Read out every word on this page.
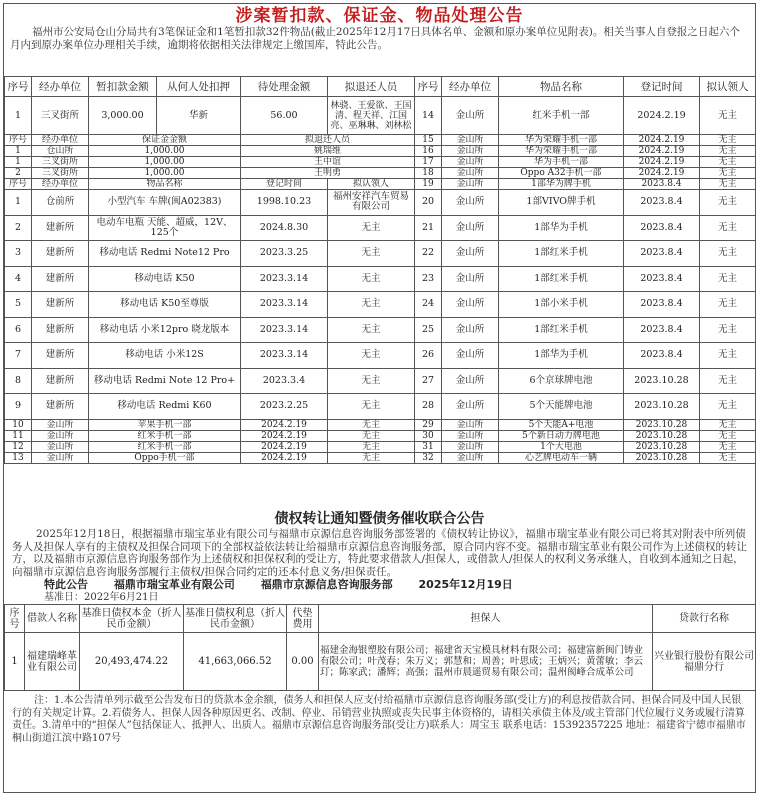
涉案暂扣款、保证金、物品处理公告
福州市公安局仓山分局共有3笔保证金和1笔暂扣款32件物品(截止2025年12月17日具体名单、金额和原办案单位见附表)。相关当事人自登报之日起六个月内到原办案单位办理相关手续，逾期将依据相关法律规定上缴国库，特此公告。
序号	经办单位	暂扣款金额	从何人处扣押	待处理金额	拟退还人员	序号	经办单位	物品名称	登记时间	拟认领人
1	三叉街所	3,000.00	华新	56.00	林骁、王爱欲、王国清、程天祥、江国亮、巫琳琳、刘林松	14	金山所	红米手机一部	2024.2.19	无主
序号	经办单位	保证金金额		拟退还人员		15	金山所	华为荣耀手机一部	2024.2.19	无主
1	仓山所	1,000.00		姚瑞维		16	金山所	华为荣耀手机一部	2024.2.19	无主
1	三叉街所	1,000.00		王中谊		17	金山所	华为手机一部	2024.2.19	无主
2	三叉街所	1,000.00		王明勇		18	金山所	Oppo A32手机一部	2024.2.19	无主
序号	经办单位	物品名称		登记时间	拟认领人	19	金山所	1部华为牌手机	2023.8.4	无主
1	仓前所	小型汽车 车牌(闽A02383)		1998.10.23	福州安祥汽车贸易有限公司	20	金山所	1部VIVO牌手机	2023.8.4	无主
2	建新所	电动车电瓶 天能、超威，12V、125个		2024.8.30	无主	21	金山所	1部华为手机	2023.8.4	无主
3	建新所	移动电话 Redmi Note12 Pro		2023.3.25	无主	22	金山所	1部红米手机	2023.8.4	无主
4	建新所	移动电话 K50		2023.3.14	无主	23	金山所	1部红米手机	2023.8.4	无主
5	建新所	移动电话 K50至尊版		2023.3.14	无主	24	金山所	1部小米手机	2023.8.4	无主
6	建新所	移动电话 小米12pro 晓龙版本		2023.3.14	无主	25	金山所	1部红米手机	2023.8.4	无主
7	建新所	移动电话 小米12S		2023.3.14	无主	26	金山所	1部华为手机	2023.8.4	无主
8	建新所	移动电话 Redmi Note 12 Pro+		2023.3.4	无主	27	金山所	6个京球牌电池	2023.10.28	无主
9	建新所	移动电话 Redmi K60		2023.2.25	无主	28	金山所	5个天能牌电池	2023.10.28	无主
10	金山所	苹果手机一部		2024.2.19	无主	29	金山所	5个天能A+电池	2023.10.28	无主
11	金山所	红米手机一部		2024.2.19	无主	30	金山所	5个新日动力牌电池	2023.10.28	无主
12	金山所	红米手机一部		2024.2.19	无主	31	金山所	1个大电池	2023.10.28	无主
13	金山所	Oppo手机一部		2024.2.19	无主	32	金山所	心艺牌电动车一辆	2023.10.28	无主
债权转让通知暨债务催收联合公告
2025年12月18日，根据福鼎市瑞宝革业有限公司与福鼎市京源信息咨询服务部签署的《债权转让协议》，福鼎市瑞宝革业有限公司已将其对附表中所列债务人及担保人享有的主债权及担保合同项下的全部权益依法转让给福鼎市京源信息咨询服务部，原合同内容不变。福鼎市瑞宝革业有限公司作为上述债权的转让方，以及福鼎市京源信息咨询服务部作为上述债权和担保权利的受让方，特此要求借款人/担保人，或借款人/担保人的权利义务承继人，自收到本通知之日起，向福鼎市京源信息咨询服务部履行主债权/担保合同约定的还本付息义务/担保责任。
特此公告 福鼎市瑞宝革业有限公司 福鼎市京源信息咨询服务部 2025年12月19日
基准日：2022年6月21日
序号	借款人名称	基准日债权本金（折人民币金额）	基准日债权利息（折人民币金额）	代垫费用	担保人	贷款行名称
1	福建瑞峰革业有限公司	20,493,474.22	41,663,066.52	0.00	福建金海银塑胶有限公司；福建省天宝模具材料有限公司；福建富新闽门铸业有限公司；叶茂春；朱万义；郭慧和；周善；叶思成；王炳兴；黄蕾敏；李云玎；陈家武；潘辉；高强；温州市晨遥贸易有限公司；温州阂峰合成革公司	兴业银行股份有限公司福鼎分行
注：1.本公告清单列示截至公告发布日的贷款本金余额，债务人和担保人应支付给福鼎市京源信息咨询服务部(受让方)的利息按借款合同、担保合同及中国人民银行的有关规定计算。2.若债务人、担保人因各种原因更名、改制、停业、吊销营业执照或丧失民事主体资格的，请相关承债主体及/或主管部门代位履行义务或履行清算责任。3.清单中的“担保人”包括保证人、抵押人、出质人。福鼎市京源信息咨询服务部(受让方)联系人：周宝玉 联系电话：15392357225 地址：福建省宁德市福鼎市桐山街道江滨中路107号
